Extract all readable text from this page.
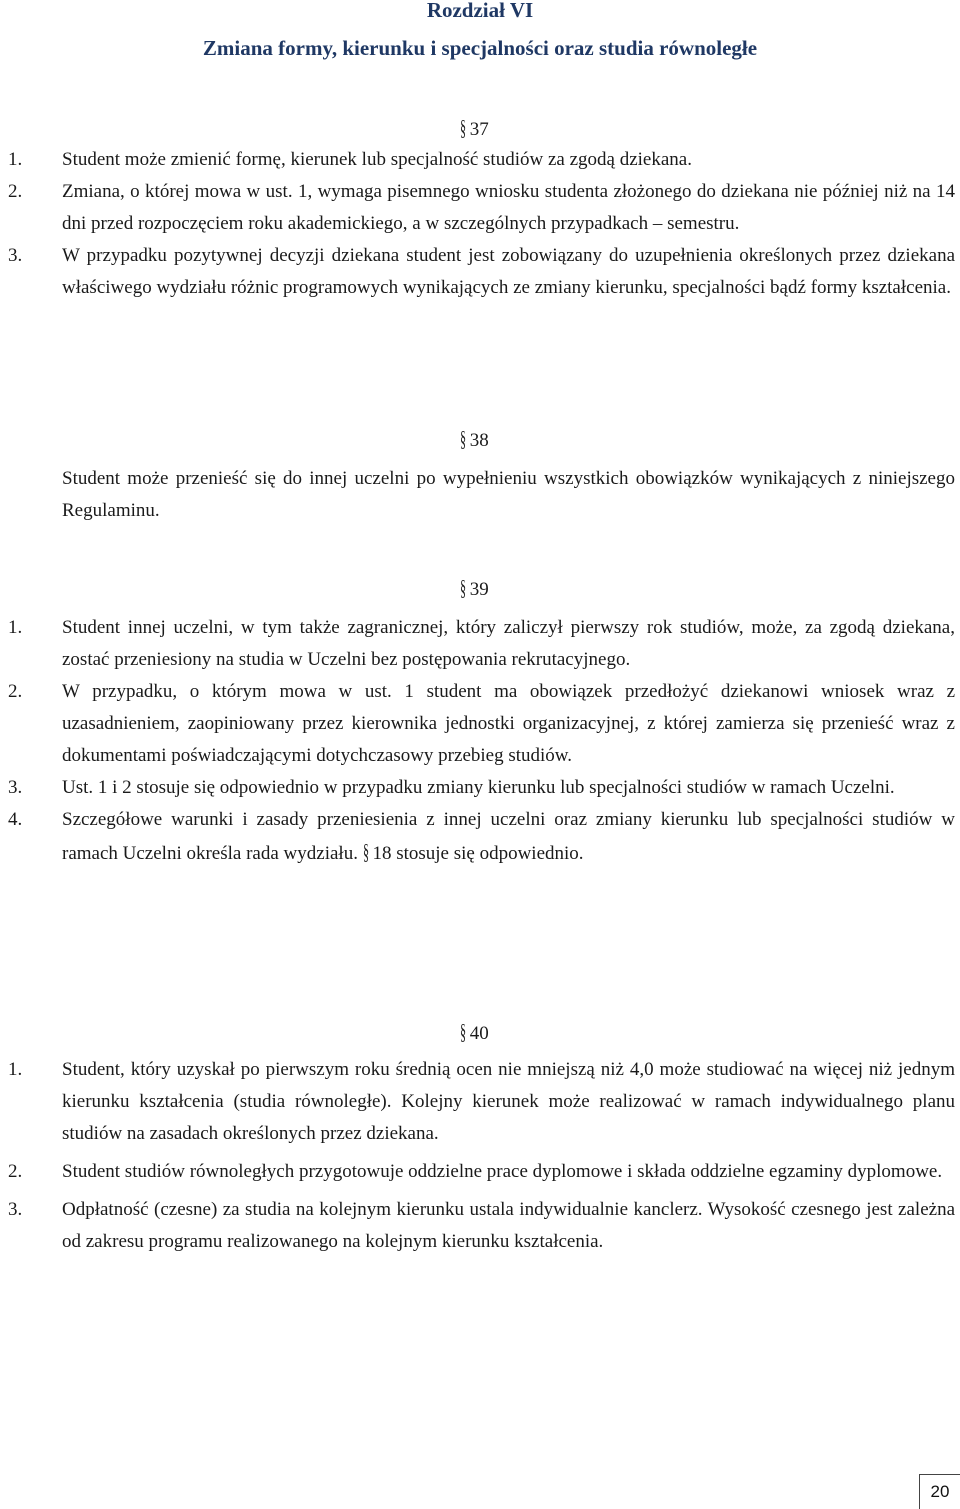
Rozdział VI
Zmiana formy, kierunku i specjalności oraz studia równoległe
§ 37
1. Student może zmienić formę, kierunek lub specjalność studiów za zgodą dziekana.
2. Zmiana, o której mowa w ust. 1, wymaga pisemnego wniosku studenta złożonego do dziekana nie później niż na 14 dni przed rozpoczęciem roku akademickiego, a w szczególnych przypadkach – semestru.
3. W przypadku pozytywnej decyzji dziekana student jest zobowiązany do uzupełnienia określonych przez dziekana właściwego wydziału różnic programowych wynikających ze zmiany kierunku, specjalności bądź formy kształcenia.
§ 38
Student może przenieść się do innej uczelni po wypełnieniu wszystkich obowiązków wynikających z niniejszego Regulaminu.
§ 39
1. Student innej uczelni, w tym także zagranicznej, który zaliczył pierwszy rok studiów, może, za zgodą dziekana, zostać przeniesiony na studia w Uczelni bez postępowania rekrutacyjnego.
2. W przypadku, o którym mowa w ust. 1 student ma obowiązek przedłożyć dziekanowi wniosek wraz z uzasadnieniem, zaopiniowany przez kierownika jednostki organizacyjnej, z której zamierza się przenieść wraz z dokumentami poświadczającymi dotychczasowy przebieg studiów.
3. Ust. 1 i 2 stosuje się odpowiednio w przypadku zmiany kierunku lub specjalności studiów w ramach Uczelni.
4. Szczegółowe warunki i zasady przeniesienia z innej uczelni oraz zmiany kierunku lub specjalności studiów w ramach Uczelni określa rada wydziału. § 18 stosuje się odpowiednio.
§ 40
1. Student, który uzyskał po pierwszym roku średnią ocen nie mniejszą niż 4,0 może studiować na więcej niż jednym kierunku kształcenia (studia równoległe). Kolejny kierunek może realizować w ramach indywidualnego planu studiów na zasadach określonych przez dziekana.
2. Student studiów równoległych przygotowuje oddzielne prace dyplomowe i składa oddzielne egzaminy dyplomowe.
3. Odpłatność (czesne) za studia na kolejnym kierunku ustala indywidualnie kanclerz. Wysokość czesnego jest zależna od zakresu programu realizowanego na kolejnym kierunku kształcenia.
20
